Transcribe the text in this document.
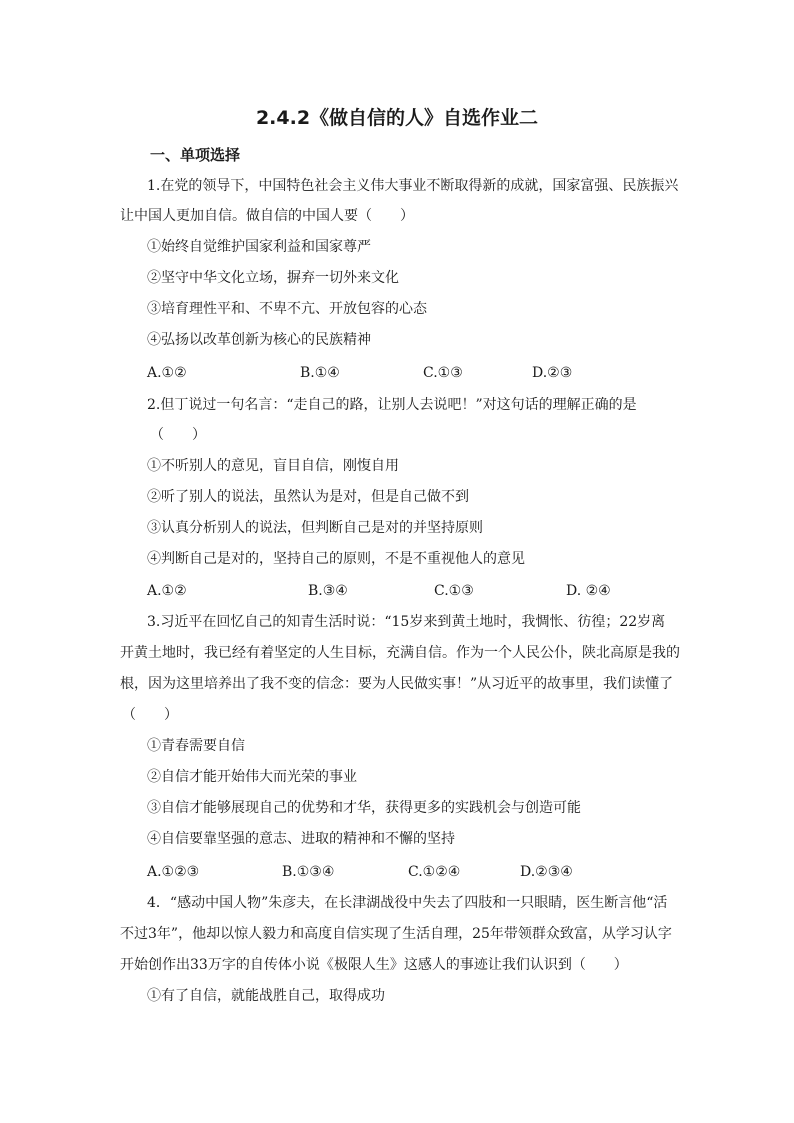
2.4.2《做自信的人》自选作业二
一、单项选择
1.在党的领导下，中国特色社会主义伟大事业不断取得新的成就，国家富强、民族振兴
让中国人更加自信。做自信的中国人要（　　）
①始终自觉维护国家利益和国家尊严
②坚守中华文化立场，摒弃一切外来文化
③培育理性平和、不卑不亢、开放包容的心态
④弘扬以改革创新为核心的民族精神
A.①②	B.①④	C.①③	D.②③
2.但丁说过一句名言：“走自己的路，让别人去说吧！”对这句话的理解正确的是
（　　）
①不听别人的意见，盲目自信，刚愎自用
②听了别人的说法，虽然认为是对，但是自己做不到
③认真分析别人的说法，但判断自己是对的并坚持原则
④判断自己是对的，坚持自己的原则，不是不重视他人的意见
A.①②	B.③④	C.①③	D. ②④
3.习近平在回忆自己的知青生活时说：“15岁来到黄土地时，我惆怅、彷徨；22岁离
开黄土地时，我已经有着坚定的人生目标，充满自信。作为一个人民公仆，陕北高原是我的
根，因为这里培养出了我不变的信念：要为人民做实事！”从习近平的故事里，我们读懂了
（　　）
①青春需要自信
②自信才能开始伟大而光荣的事业
③自信才能够展现自己的优势和才华，获得更多的实践机会与创造可能
④自信要靠坚强的意志、进取的精神和不懈的坚持
A.①②③	B.①③④	C.①②④	D.②③④
4．“感动中国人物”朱彦夫，在长津湖战役中失去了四肢和一只眼睛，医生断言他“活
不过3年”，他却以惊人毅力和高度自信实现了生活自理，25年带领群众致富，从学习认字
开始创作出33万字的自传体小说《极限人生》这感人的事迹让我们认识到（　　）
①有了自信，就能战胜自己，取得成功
